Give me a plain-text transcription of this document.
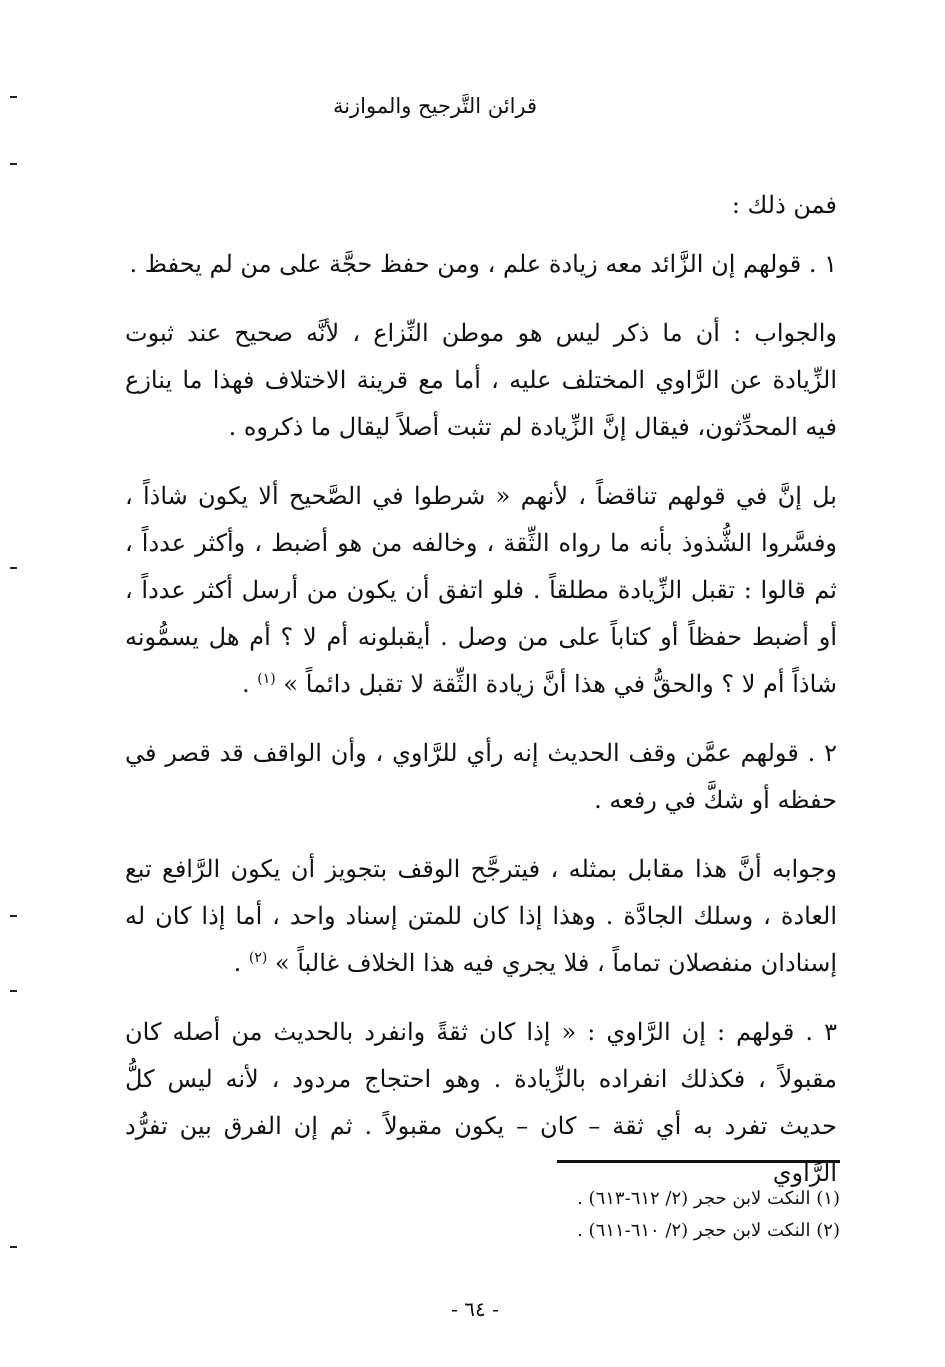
قرائن التَّرجيح والموازنة

فمن ذلك :

١ . قولهم إن الزَّائد معه زيادة علم ، ومن حفظ حجَّة على من لم يحفظ .

والجواب : أن ما ذكر ليس هو موطن النِّزاع ، لأنَّه صحيح عند ثبوت الزِّيادة عن الرَّاوي المختلف عليه ، أما مع قرينة الاختلاف فهذا ما ينازع فيه المحدِّثون، فيقال إنَّ الزِّيادة لم تثبت أصلاً ليقال ما ذكروه .

بل إنَّ في قولهم تناقضاً ، لأنهم « شرطوا في الصَّحيح ألا يكون شاذاً ، وفسَّروا الشُّذوذ بأنه ما رواه الثِّقة ، وخالفه من هو أضبط ، وأكثر عدداً ، ثم قالوا : تقبل الزِّيادة مطلقاً . فلو اتفق أن يكون من أرسل أكثر عدداً ، أو أضبط حفظاً أو كتاباً على من وصل . أيقبلونه أم لا ؟ أم هل يسمُّونه شاذاً أم لا ؟ والحقُّ في هذا أنَّ زيادة الثِّقة لا تقبل دائماً » $^{(١)}$ .

٢ . قولهم عمَّن وقف الحديث إنه رأي للرَّاوي ، وأن الواقف قد قصر في حفظه أو شكَّ في رفعه .

وجوابه أنَّ هذا مقابل بمثله ، فيترجَّح الوقف بتجويز أن يكون الرَّافع تبع العادة ، وسلك الجادَّة . وهذا إذا كان للمتن إسناد واحد ، أما إذا كان له إسنادان منفصلان تماماً ، فلا يجري فيه هذا الخلاف غالباً » $^{(٢)}$ .

٣ . قولهم : إن الرَّاوي : « إذا كان ثقةً وانفرد بالحديث من أصله كان مقبولاً ، فكذلك انفراده بالزِّيادة . وهو احتجاج مردود ، لأنه ليس كلُّ حديث تفرد به أي ثقة – كان – يكون مقبولاً . ثم إن الفرق بين تفرُّد الرَّاوي

(١) النكت لابن حجر (٢/ ٦١٢-٦١٣) .
(٢) النكت لابن حجر (٢/ ٦١٠-٦١١) .
- ٦٤ -
